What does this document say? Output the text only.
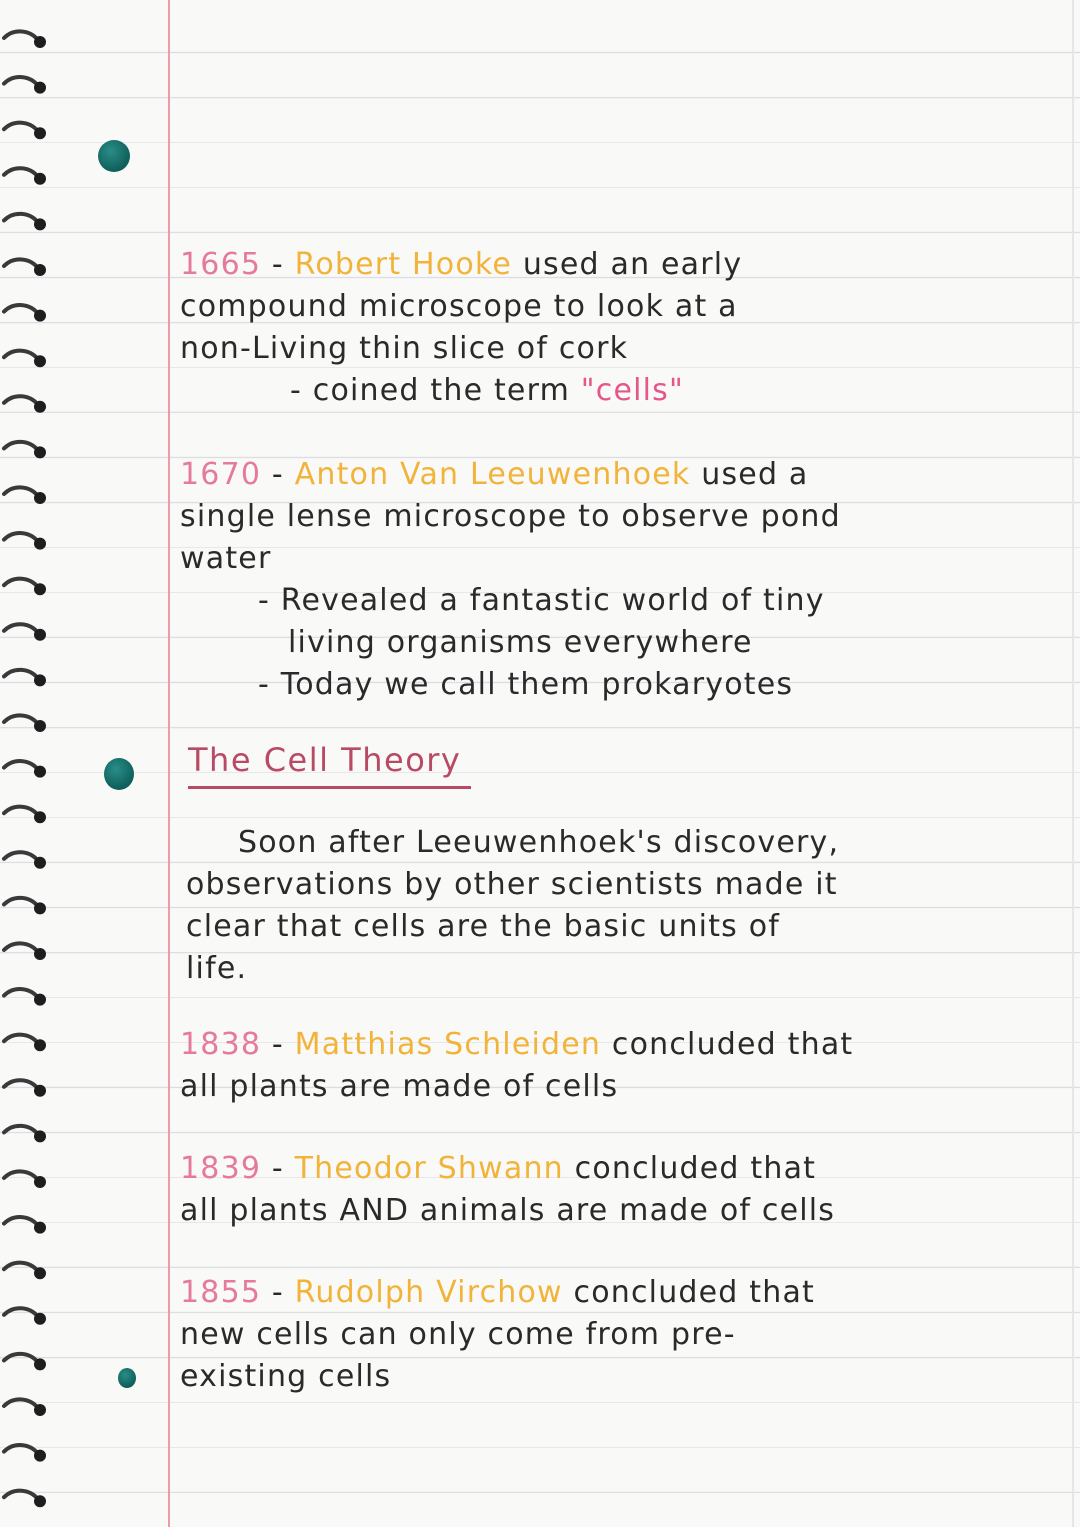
1665 - Robert Hooke used an early

compound microscope to look at a

non-Living thin slice of cork

- coined the term "cells"

1670 - Anton Van Leeuwenhoek used a

single lense microscope to observe pond

water

- Revealed a fantastic world of tiny

living organisms everywhere

- Today we call them prokaryotes

The Cell Theory

Soon after Leeuwenhoek's discovery,

observations by other scientists made it

clear that cells are the basic units of

life.

1838 - Matthias Schleiden concluded that

all plants are made of cells

1839 - Theodor Shwann concluded that

all plants AND animals are made of cells

1855 - Rudolph Virchow concluded that

new cells can only come from pre-

existing cells
